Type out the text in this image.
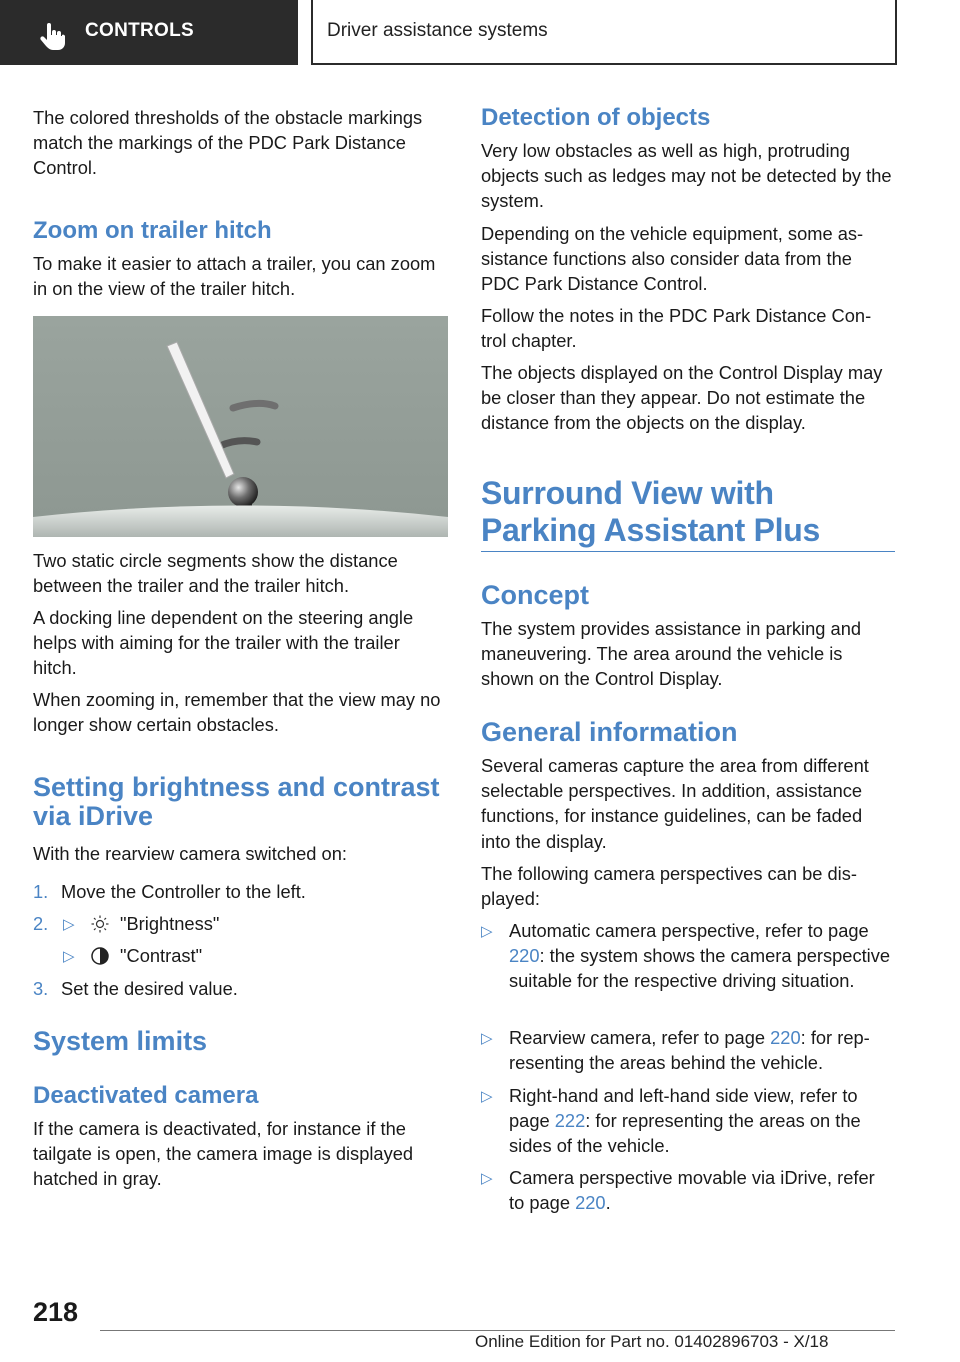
CONTROLS	Driver assistance systems

The colored thresholds of the obstacle markings match the markings of the PDC Park Distance Control.

Zoom on trailer hitch

To make it easier to attach a trailer, you can zoom in on the view of the trailer hitch.

Two static circle segments show the distance between the trailer and the trailer hitch.

A docking line dependent on the steering angle helps with aiming for the trailer with the trailer hitch.

When zooming in, remember that the view may no longer show certain obstacles.

Setting brightness and contrast via iDrive

With the rearview camera switched on:

1. Move the Controller to the left.
2. ▷ "Brightness"
▷ "Contrast"
3. Set the desired value.
System limits
Deactivated camera

If the camera is deactivated, for instance if the tailgate is open, the camera image is displayed hatched in gray.

Detection of objects

Very low obstacles as well as high, protruding objects such as ledges may not be detected by the system.

Depending on the vehicle equipment, some as-sistance functions also consider data from the PDC Park Distance Control.

Follow the notes in the PDC Park Distance Con-trol chapter.

The objects displayed on the Control Display may be closer than they appear. Do not estimate the distance from the objects on the display.

Surround View with
Parking Assistant Plus
Concept

The system provides assistance in parking and maneuvering. The area around the vehicle is shown on the Control Display.

General information

Several cameras capture the area from different selectable perspectives. In addition, assistance functions, for instance guidelines, can be faded into the display.

The following camera perspectives can be dis-played:

▷ Automatic camera perspective, refer to page 220: the system shows the camera perspective suitable for the respective driving situation.

▷ Rearview camera, refer to page 220: for rep-resenting the areas behind the vehicle.

▷ Right-hand and left-hand side view, refer to page 222: for representing the areas on the sides of the vehicle.

▷ Camera perspective movable via iDrive, refer to page 220.

218
Online Edition for Part no. 01402896703 - X/18
